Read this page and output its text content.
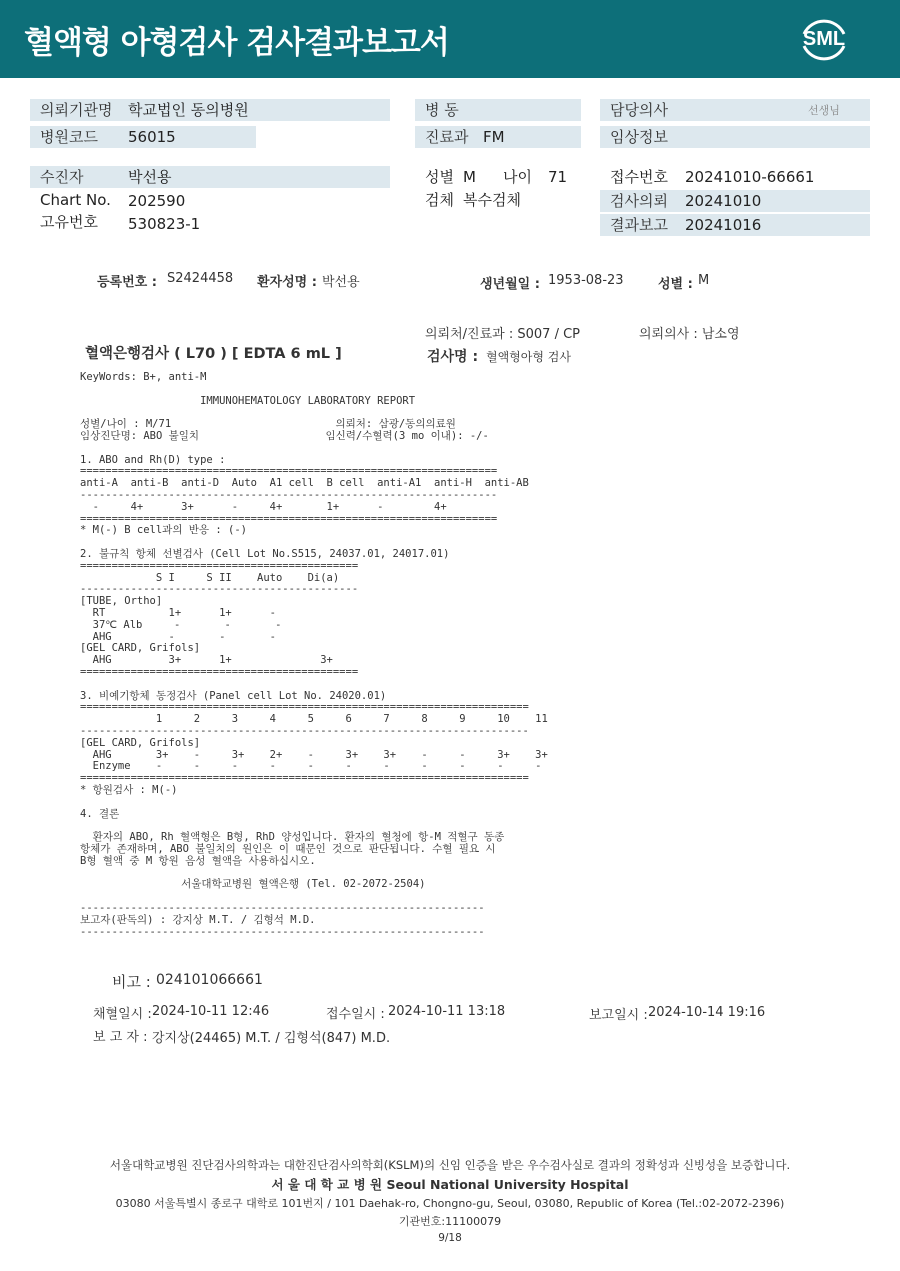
혈액형 아형검사 검사결과보고서	SML
의뢰기관명 학교법인 동의병원
병원코드 56015
수진자	박선용
Chart No. 202590
고유번호 530823-1
병 동
진료과 FM
성별 M 나이 71
검체 복수검체
담당의사	선생님
임상정보
접수번호 20241010-66661
검사의뢰 20241010
결과보고 20241016
등록번호 : S2424458 환자성명 : 박선용	생년월일 : 1953-08-23	성별 : M
의뢰처/진료과 : S007 / CP	의뢰의사 : 남소영
혈액은행검사 ( L70 ) [ EDTA 6 mL ]	검사명 : 혈액형아형 검사
KeyWords: B+, anti-M
IMMUNOHEMATOLOGY LABORATORY REPORT
성별/나이 : M/71                          의뢰처: 삼광/동의의료원
임상진단명: ABO 불일치                    임신력/수혈력(3 mo 이내): -/-
1. ABO and Rh(D) type :
==================================================================
anti-A  anti-B  anti-D  Auto  A1 cell  B cell  anti-A1  anti-H  anti-AB
------------------------------------------------------------------
-     4+      3+      -     4+       1+      -        4+
==================================================================
* M(-) B cell과의 반응 : (-)
2. 불규칙 항체 선별검사 (Cell Lot No.S515, 24037.01, 24017.01)
============================================
S I     S II    Auto    Di(a)
--------------------------------------------
[TUBE, Ortho]
RT          1+      1+      -
37℃ Alb     -       -       -
AHG         -       -       -
[GEL CARD, Grifols]
AHG         3+      1+              3+
============================================
3. 비예기항체 동정검사 (Panel cell Lot No. 24020.01)
=======================================================================
1     2     3     4     5     6     7     8     9     10    11
-----------------------------------------------------------------------
[GEL CARD, Grifols]
AHG       3+    -     3+    2+    -     3+    3+    -     -     3+    3+
Enzyme    -     -     -     -     -     -     -     -     -     -     -
=======================================================================
* 항원검사 : M(-)
4. 결론
환자의 ABO, Rh 혈액형은 B형, RhD 양성입니다. 환자의 혈청에 항-M 적혈구 동종
항체가 존재하며, ABO 불일치의 원인은 이 때문인 것으로 판단됩니다. 수혈 필요 시
B형 혈액 중 M 항원 음성 혈액을 사용하십시오.
서울대학교병원 혈액은행 (Tel. 02-2072-2504)
----------------------------------------------------------------
보고자(판독의) : 강지상 M.T. / 김형석 M.D.
----------------------------------------------------------------
비고 : 024101066661
채혈일시 : 2024-10-11 12:46	접수일시 : 2024-10-11 13:18	보고일시 : 2024-10-14 19:16
보 고 자 : 강지상(24465) M.T. / 김형석(847) M.D.
서울대학교병원 진단검사의학과는 대한진단검사의학회(KSLM)의 신임 인증을 받은 우수검사실로 결과의 정확성과 신빙성을 보증합니다.
서 울 대 학 교 병 원 Seoul National University Hospital
03080 서울특별시 종로구 대학로 101번지 / 101 Daehak-ro, Chongno-gu, Seoul, 03080, Republic of Korea (Tel.:02-2072-2396)
기관번호:11100079
9/18
